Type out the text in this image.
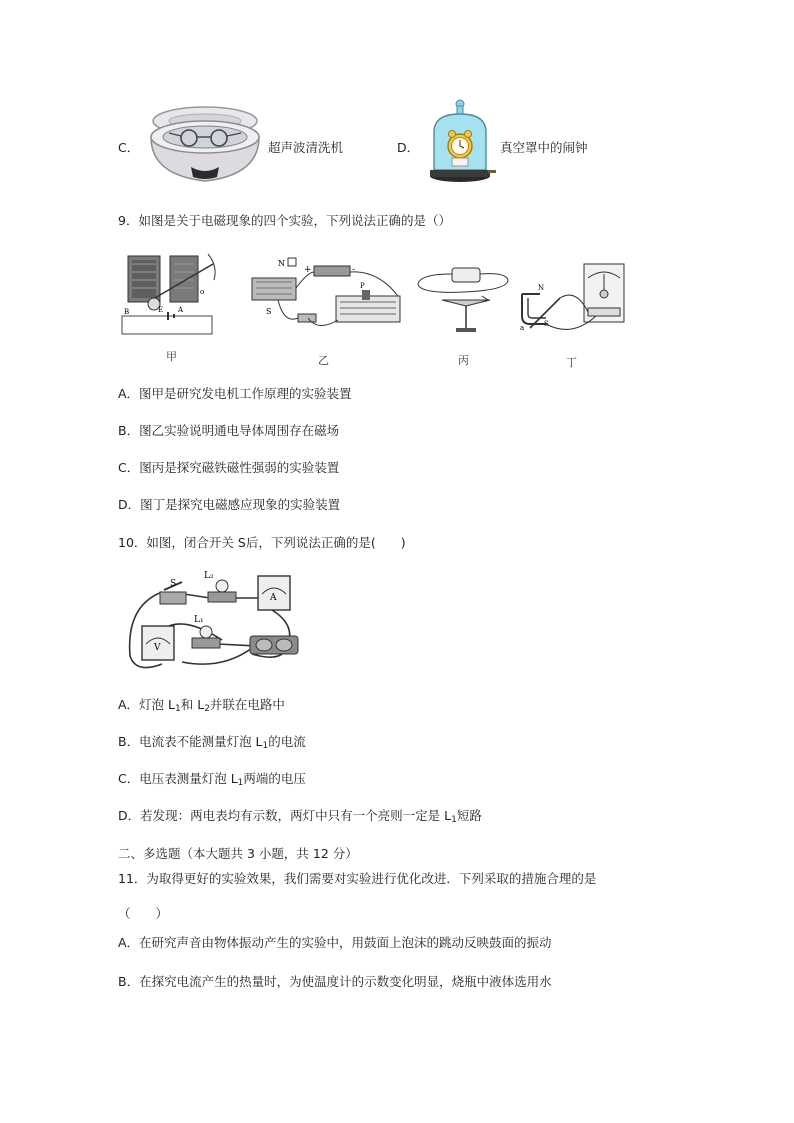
C．	超声波清洗机	D．	真空罩中的闹钟
9．如图是关于电磁现象的四个实验，下列说法正确的是（）
B	E A
o
甲
N
S
+	-
P
乙	丙
N
S
a
丁
A．图甲是研究发电机工作原理的实验装置
B．图乙实验说明通电导体周围存在磁场
C．图丙是探究磁铁磁性强弱的实验装置
D．图丁是探究电磁感应现象的实验装置
10．如图，闭合开关 S后，下列说法正确的是(　　)
S
L₂
A
V
L₁
A．灯泡 $L_1$和 $L_2$并联在电路中
B．电流表不能测量灯泡 $L_1$的电流
C．电压表测量灯泡 $L_1$两端的电压
D．若发现：两电表均有示数，两灯中只有一个亮则一定是 $L_1$短路
二、多选题（本大题共 3 小题，共 12 分）
11．为取得更好的实验效果，我们需要对实验进行优化改进．下列采取的措施合理的是
（　　）
A．在研究声音由物体振动产生的实验中，用鼓面上泡沫的跳动反映鼓面的振动
B．在探究电流产生的热量时，为使温度计的示数变化明显，烧瓶中液体选用水
